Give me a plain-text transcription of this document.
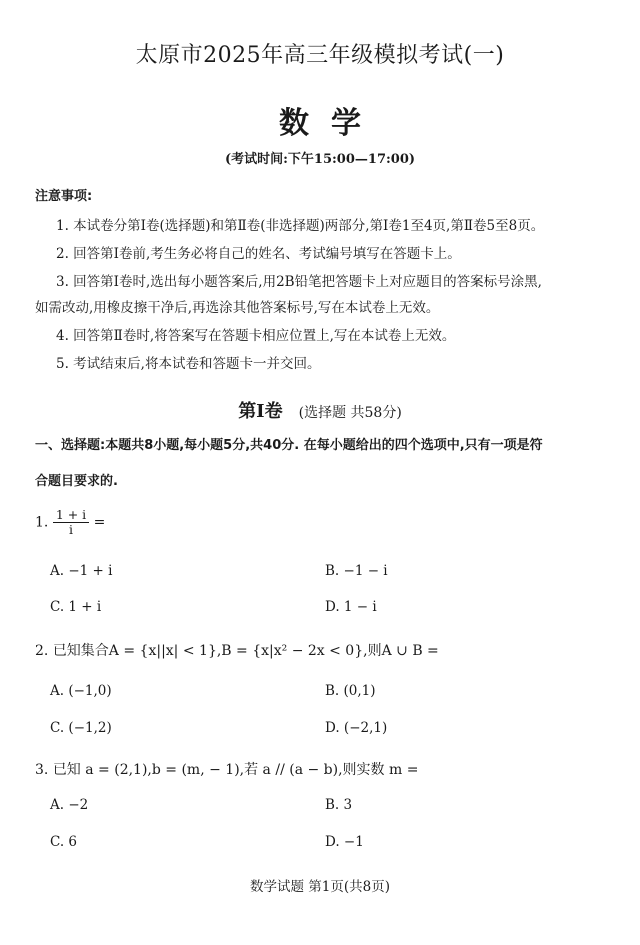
太原市2025年高三年级模拟考试(一)
数学
(考试时间:下午15:00—17:00)
注意事项:
1. 本试卷分第Ⅰ卷(选择题)和第Ⅱ卷(非选择题)两部分,第Ⅰ卷1至4页,第Ⅱ卷5至8页。
2. 回答第Ⅰ卷前,考生务必将自己的姓名、考试编号填写在答题卡上。
3. 回答第Ⅰ卷时,选出每小题答案后,用2B铅笔把答题卡上对应题目的答案标号涂黑,
如需改动,用橡皮擦干净后,再选涂其他答案标号,写在本试卷上无效。
4. 回答第Ⅱ卷时,将答案写在答题卡相应位置上,写在本试卷上无效。
5. 考试结束后,将本试卷和答题卡一并交回。
第Ⅰ卷 (选择题 共58分)
一、选择题:本题共8小题,每小题5分,共40分. 在每小题给出的四个选项中,只有一项是符
合题目要求的.
1. $\frac{1 + i}{i}$ =
A. −1 + i	B. −1 − i
C. 1 + i	D. 1 − i
2. 已知集合A = {x||x| < 1},B = {x|x² − 2x < 0},则A ∪ B =
A. (−1,0)	B. (0,1)
C. (−1,2)	D. (−2,1)
3. 已知 a = (2,1),b = (m, − 1),若 a // (a − b),则实数 m =
A. −2	B. 3
C. 6	D. −1
数学试题 第1页(共8页)
